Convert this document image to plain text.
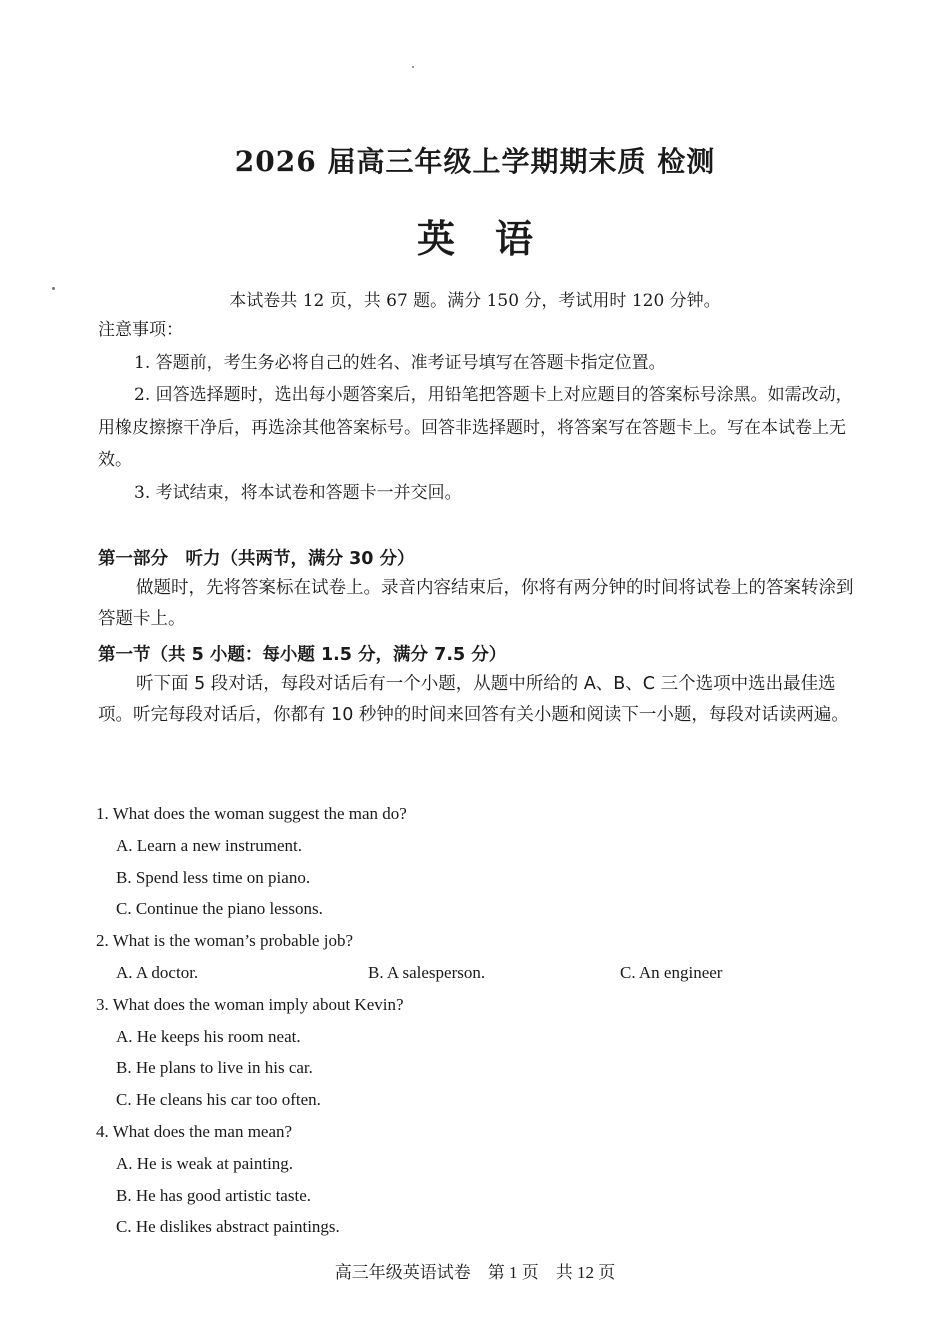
2026 届高三年级上学期期末质 检测
英语
本试卷共 12 页，共 67 题。满分 150 分，考试用时 120 分钟。

注意事项：

1. 答题前，考生务必将自己的姓名、准考证号填写在答题卡指定位置。

2. 回答选择题时，选出每小题答案后，用铅笔把答题卡上对应题目的答案标号涂黑。如需改动，用橡皮擦擦干净后，再选涂其他答案标号。回答非选择题时，将答案写在答题卡上。写在本试卷上无效。

3. 考试结束，将本试卷和答题卡一并交回。

第一部分　听力（共两节，满分 30 分）

做题时，先将答案标在试卷上。录音内容结束后，你将有两分钟的时间将试卷上的答案转涂到答题卡上。

第一节（共 5 小题：每小题 1.5 分，满分 7.5 分）

听下面 5 段对话，每段对话后有一个小题，从题中所给的 A、B、C 三个选项中选出最佳选项。听完每段对话后，你都有 10 秒钟的时间来回答有关小题和阅读下一小题，每段对话读两遍。

1. What does the woman suggest the man do?
A. Learn a new instrument.
B. Spend less time on piano.
C. Continue the piano lessons.
2. What is the woman’s probable job?
A. A doctor.	B. A salesperson.	C. An engineer
3. What does the woman imply about Kevin?
A. He keeps his room neat.
B. He plans to live in his car.
C. He cleans his car too often.
4. What does the man mean?
A. He is weak at painting.
B. He has good artistic taste.
C. He dislikes abstract paintings.
高三年级英语试卷　第 1 页　共 12 页
